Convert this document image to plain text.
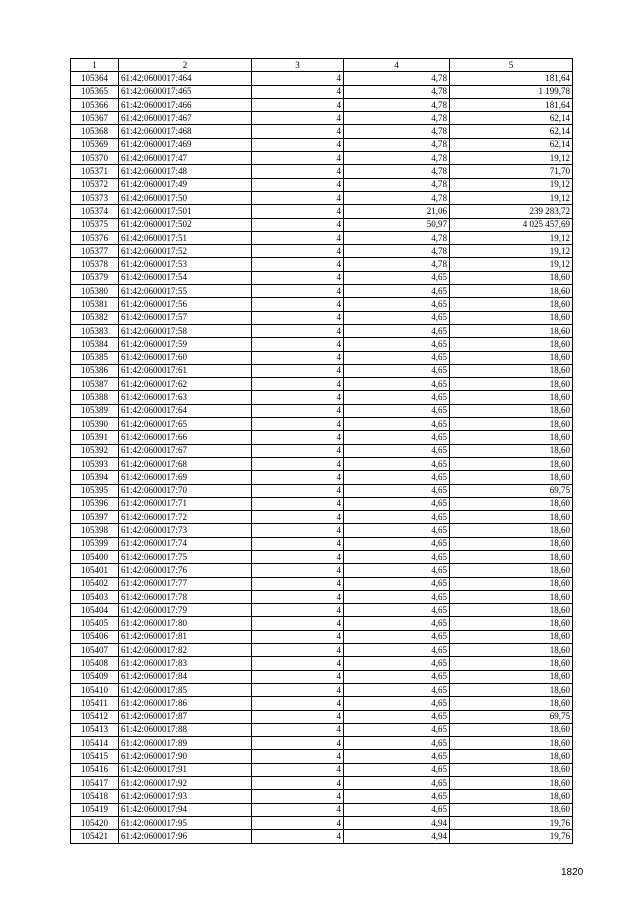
1	2	3	4	5
105364	61:42:0600017:464	4	4,78	181,64
105365	61:42:0600017:465	4	4,78	1 199,78
105366	61:42:0600017:466	4	4,78	181,64
105367	61:42:0600017:467	4	4,78	62,14
105368	61:42:0600017:468	4	4,78	62,14
105369	61:42:0600017:469	4	4,78	62,14
105370	61:42:0600017:47	4	4,78	19,12
105371	61:42:0600017:48	4	4,78	71,70
105372	61:42:0600017:49	4	4,78	19,12
105373	61:42:0600017:50	4	4,78	19,12
105374	61:42:0600017:501	4	21,06	239 283,72
105375	61:42:0600017:502	4	50,97	4 025 457,69
105376	61:42:0600017:51	4	4,78	19,12
105377	61:42:0600017:52	4	4,78	19,12
105378	61:42:0600017:53	4	4,78	19,12
105379	61:42:0600017:54	4	4,65	18,60
105380	61:42:0600017:55	4	4,65	18,60
105381	61:42:0600017:56	4	4,65	18,60
105382	61:42:0600017:57	4	4,65	18,60
105383	61:42:0600017:58	4	4,65	18,60
105384	61:42:0600017:59	4	4,65	18,60
105385	61:42:0600017:60	4	4,65	18,60
105386	61:42:0600017:61	4	4,65	18,60
105387	61:42:0600017:62	4	4,65	18,60
105388	61:42:0600017:63	4	4,65	18,60
105389	61:42:0600017:64	4	4,65	18,60
105390	61:42:0600017:65	4	4,65	18,60
105391	61:42:0600017:66	4	4,65	18,60
105392	61:42:0600017:67	4	4,65	18,60
105393	61:42:0600017:68	4	4,65	18,60
105394	61:42:0600017:69	4	4,65	18,60
105395	61:42:0600017:70	4	4,65	69,75
105396	61:42:0600017:71	4	4,65	18,60
105397	61:42:0600017:72	4	4,65	18,60
105398	61:42:0600017:73	4	4,65	18,60
105399	61:42:0600017:74	4	4,65	18,60
105400	61:42:0600017:75	4	4,65	18,60
105401	61:42:0600017:76	4	4,65	18,60
105402	61:42:0600017:77	4	4,65	18,60
105403	61:42:0600017:78	4	4,65	18,60
105404	61:42:0600017:79	4	4,65	18,60
105405	61:42:0600017:80	4	4,65	18,60
105406	61:42:0600017:81	4	4,65	18,60
105407	61:42:0600017:82	4	4,65	18,60
105408	61:42:0600017:83	4	4,65	18,60
105409	61:42:0600017:84	4	4,65	18,60
105410	61:42:0600017:85	4	4,65	18,60
105411	61:42:0600017:86	4	4,65	18,60
105412	61:42:0600017:87	4	4,65	69,75
105413	61:42:0600017:88	4	4,65	18,60
105414	61:42:0600017:89	4	4,65	18,60
105415	61:42:0600017:90	4	4,65	18,60
105416	61:42:0600017:91	4	4,65	18,60
105417	61:42:0600017:92	4	4,65	18,60
105418	61:42:0600017:93	4	4,65	18,60
105419	61:42:0600017:94	4	4,65	18,60
105420	61:42:0600017:95	4	4,94	19,76
105421	61:42:0600017:96	4	4,94	19,76
1820
